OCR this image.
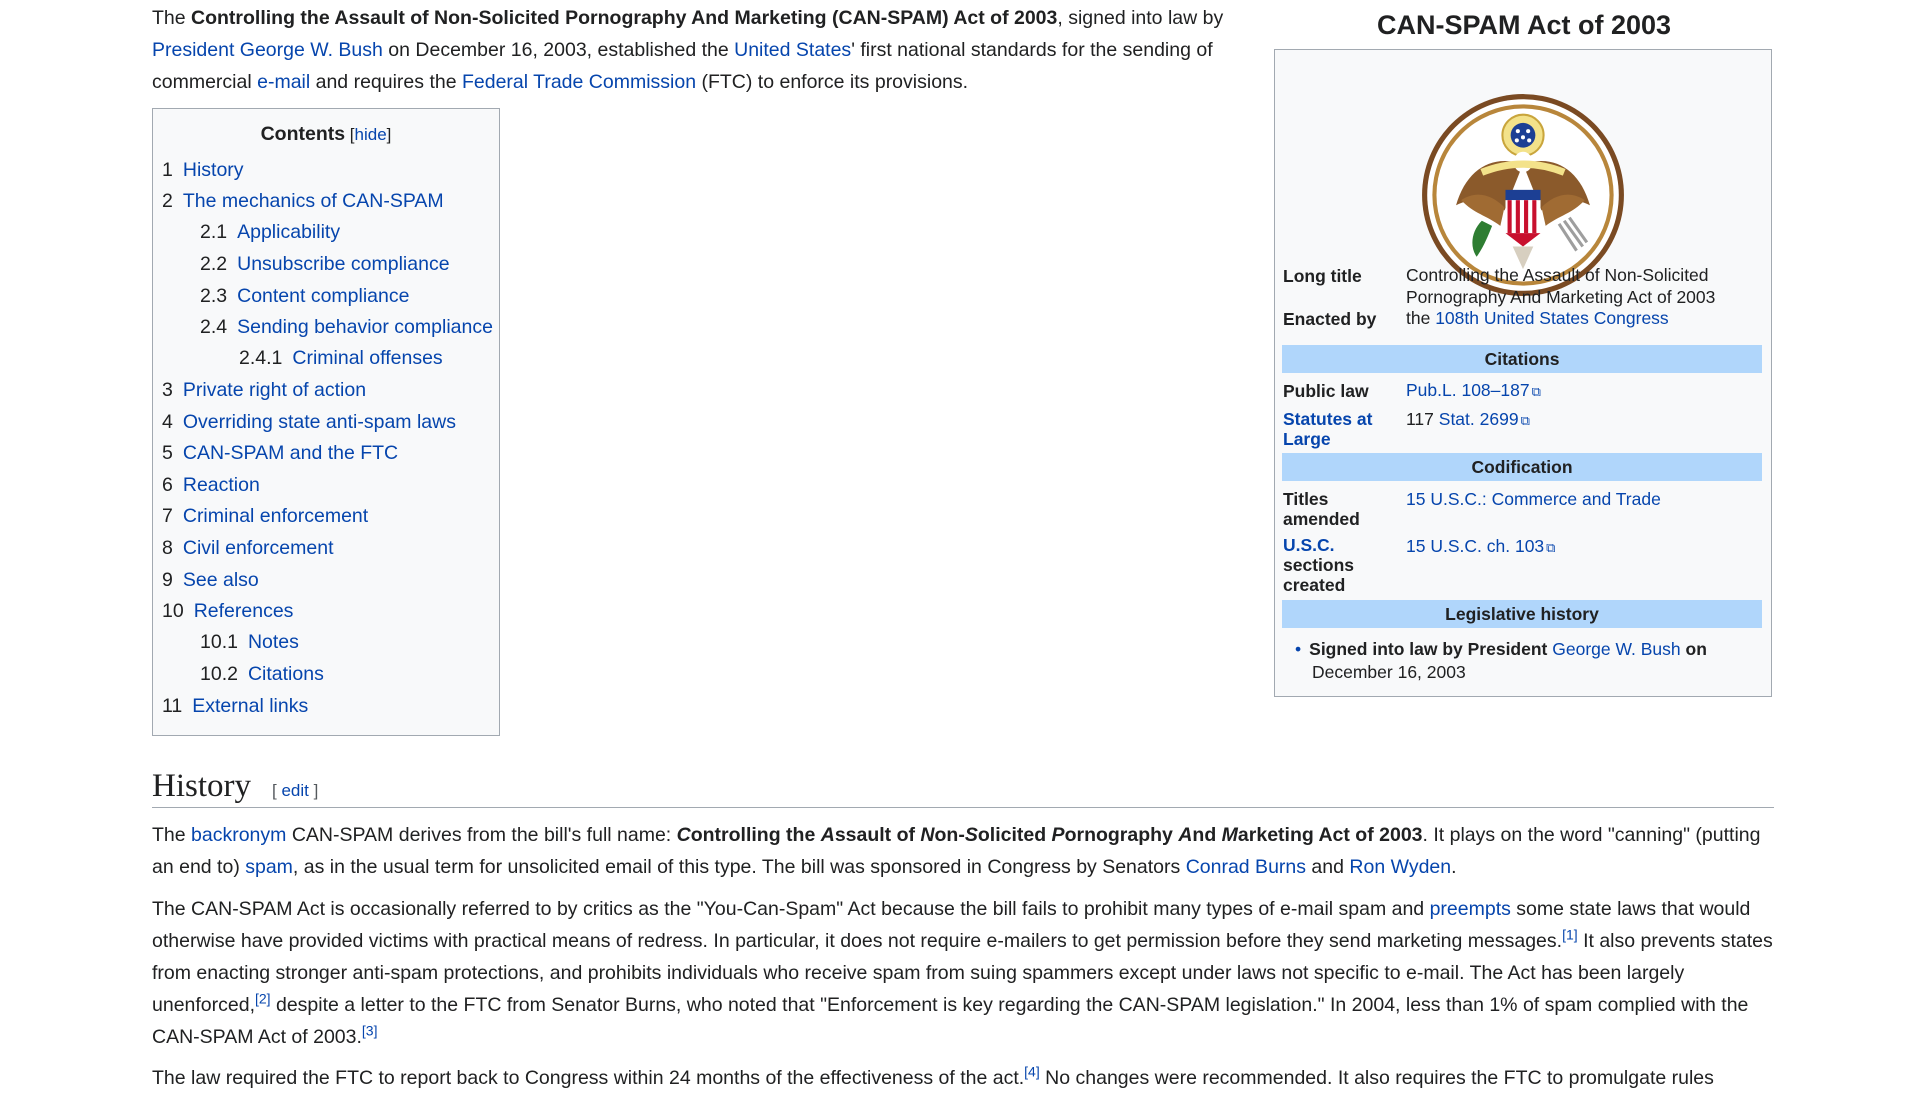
The Controlling the Assault of Non-Solicited Pornography And Marketing (CAN-SPAM) Act of 2003, signed into law by President George W. Bush on December 16, 2003, established the United States' first national standards for the sending of commercial e-mail and requires the Federal Trade Commission (FTC) to enforce its provisions.
Contents [hide]
1 History
2 The mechanics of CAN-SPAM
2.1 Applicability
2.2 Unsubscribe compliance
2.3 Content compliance
2.4 Sending behavior compliance
2.4.1 Criminal offenses
3 Private right of action
4 Overriding state anti-spam laws
5 CAN-SPAM and the FTC
6 Reaction
7 Criminal enforcement
8 Civil enforcement
9 See also
10 References
10.1 Notes
10.2 Citations
11 External links
CAN-SPAM Act of 2003
Long title	Controlling the Assault of Non-Solicited Pornography And Marketing Act of 2003
Enacted by the 108th United States Congress
Citations
Public law Pub.L. 108–187 ⧉
Statutes at Large
117 Stat. 2699 ⧉
Codification
Titles amended
15 U.S.C.: Commerce and Trade
U.S.C.
sections created
15 U.S.C. ch. 103 ⧉
Legislative history
• Signed into law by President George W. Bush on
December 16, 2003
History [ edit ]
The backronym CAN-SPAM derives from the bill's full name: Controlling the Assault of Non-Solicited Pornography And Marketing Act of 2003. It plays on the word "canning" (putting an end to) spam, as in the usual term for unsolicited email of this type. The bill was sponsored in Congress by Senators Conrad Burns and Ron Wyden.
The CAN-SPAM Act is occasionally referred to by critics as the "You-Can-Spam" Act because the bill fails to prohibit many types of e-mail spam and preempts some state laws that would otherwise have provided victims with practical means of redress. In particular, it does not require e-mailers to get permission before they send marketing messages.[1] It also prevents states from enacting stronger anti-spam protections, and prohibits individuals who receive spam from suing spammers except under laws not specific to e-mail. The Act has been largely unenforced,[2] despite a letter to the FTC from Senator Burns, who noted that "Enforcement is key regarding the CAN-SPAM legislation." In 2004, less than 1% of spam complied with the CAN-SPAM Act of 2003.[3]
The law required the FTC to report back to Congress within 24 months of the effectiveness of the act.[4] No changes were recommended. It also requires the FTC to promulgate rules
